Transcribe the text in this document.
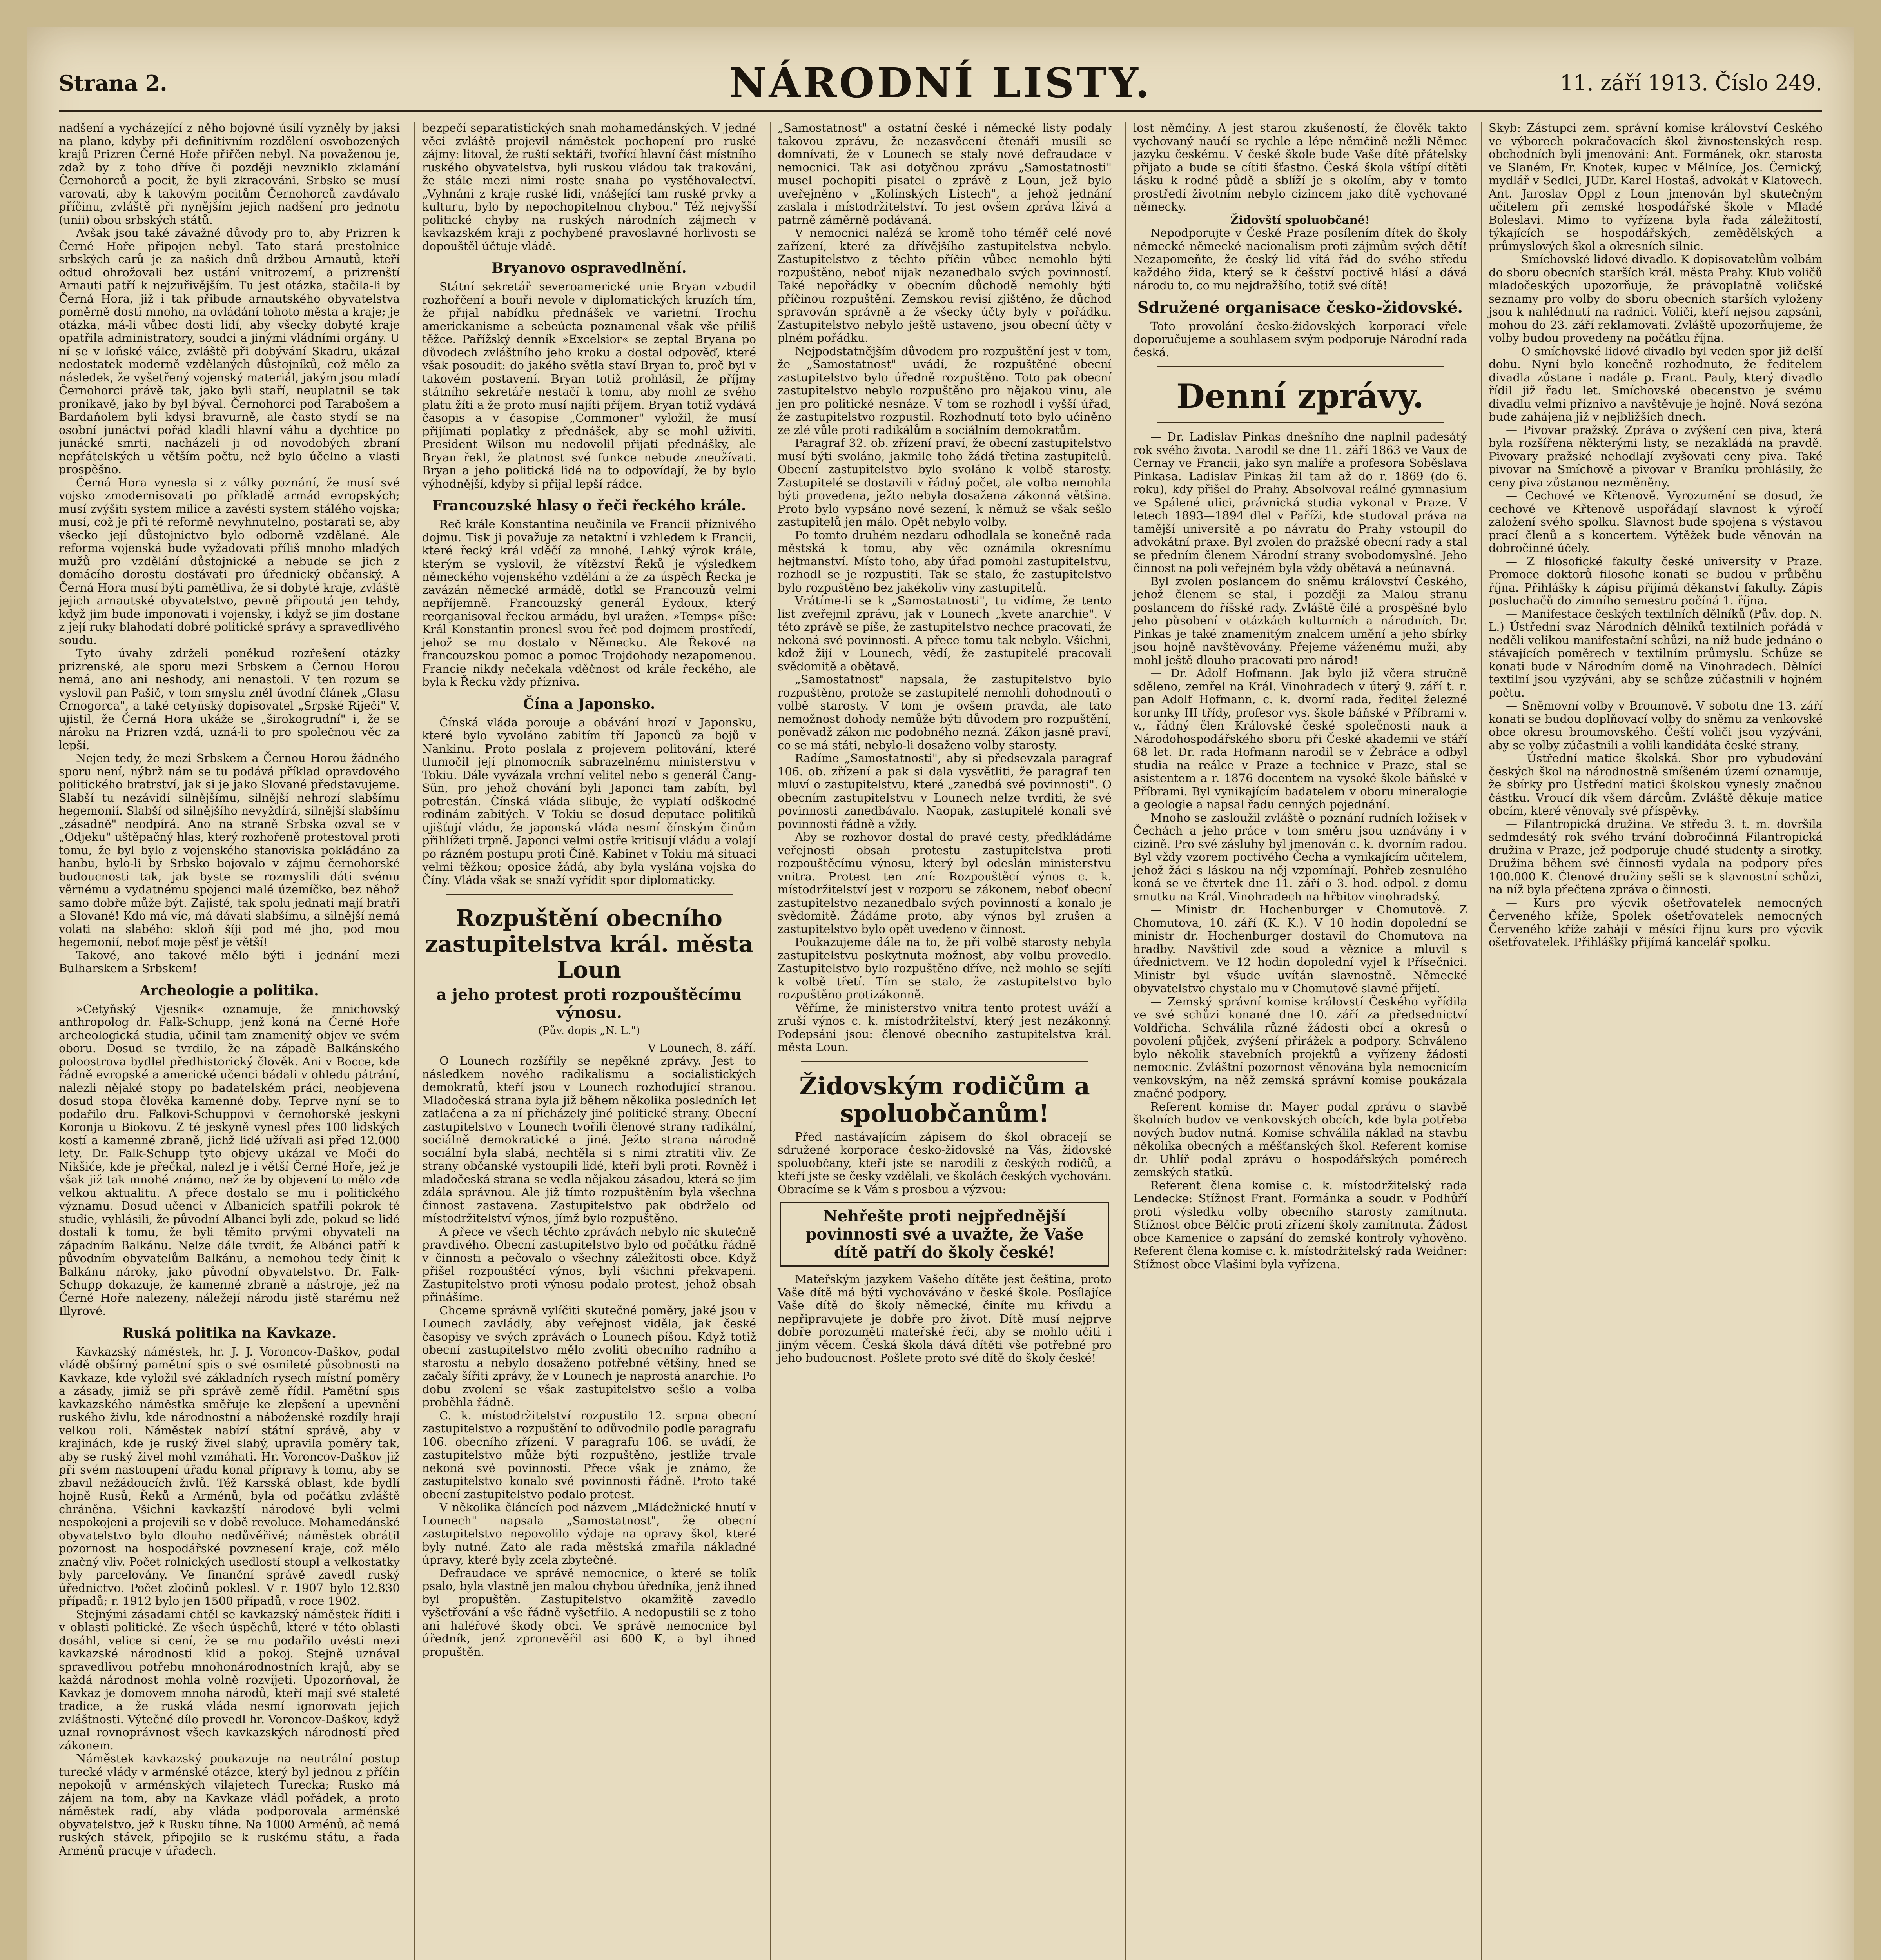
Strana 2.	NÁRODNÍ LISTY.	11. září 1913. Číslo 249.

nadšení a vycházející z něho bojovné úsilí vyzněly by jaksi na plano, kdyby při definitivním rozdělení osvobozených krajů Prizren Černé Hoře přiřčen nebyl. Na považenou je, zdaž by z toho dříve či později nevzniklo zklamání Černohorců a pocit, že byli zkracováni. Srbsko se musí varovati, aby k takovým pocitům Černohorců zavdávalo příčinu, zvláště při nynějším jejich nadšení pro jednotu (unii) obou srbských států.

Avšak jsou také závažné důvody pro to, aby Prizren k Černé Hoře připojen nebyl. Tato stará prestolnice srbských carů je za našich dnů držbou Arnautů, kteří odtud ohrožovali bez ustání vnitrozemí, a prizrenští Arnauti patří k nejzuřivějším. Tu jest otázka, stačila-li by Černá Hora, již i tak přibude arnautského obyvatelstva poměrně dosti mnoho, na ovládání tohoto města a kraje; je otázka, má-li vůbec dosti lidí, aby všecky dobyté kraje opatřila administratory, soudci a jinými vládními orgány. U ní se v loňské válce, zvláště při dobývání Skadru, ukázal nedostatek moderně vzdělaných důstojníků, což mělo za následek, že vyšetřený vojenský materiál, jakým jsou mladí Černohorci právě tak, jako byli staří, neuplatnil se tak pronikavě, jako by byl býval. Černohorci pod Tarabošem a Bardaňolem byli kdysi bravurně, ale často stydí se na osobní junáctví pořád kladli hlavní váhu a dychtice po junácké smrti, nacházeli ji od novodobých zbraní nepřátelských u větším počtu, než bylo účelno a vlasti prospěšno.

Černá Hora vynesla si z války poznání, že musí své vojsko zmodernisovati po příkladě armád evropských; musí zvýšiti system milice a zavésti system stálého vojska; musí, což je při té reformě nevyhnutelno, postarati se, aby všecko její důstojnictvo bylo odborně vzdělané. Ale reforma vojenská bude vyžadovati příliš mnoho mladých mužů pro vzdělání důstojnické a nebude se jich z domácího dorostu dostávati pro úřednický občanský. A Černá Hora musí býti pamětliva, že si dobyté kraje, zvláště jejich arnautské obyvatelstvo, pevně připoutá jen tehdy, když jim bude imponovati i vojensky, i když se jim dostane z její ruky blahodatí dobré politické správy a spravedlivého soudu.

Tyto úvahy zdrželi poněkud rozřešení otázky prizrenské, ale sporu mezi Srbskem a Černou Horou nemá, ano ani neshody, ani nenastoli. V ten rozum se vyslovil pan Pašič, v tom smyslu zněl úvodní článek „Glasu Crnogorca", a také cetyňský dopisovatel „Srpské Riječi" V. ujistil, že Černá Hora ukáže se „širokogrudní" i, že se nároku na Prizren vzdá, uzná-li to pro společnou věc za lepší.

Nejen tedy, že mezi Srbskem a Černou Horou žádného sporu není, nýbrž nám se tu podává příklad opravdového politického bratrství, jak si je jako Slované představujeme. Slabší tu nezávidí silnějšímu, silnější nehrozí slabšímu hegemonií. Slabší od silnějšího nevyždírá, silnější slabšímu „zásadně" neodpírá. Ano na straně Srbska ozval se v „Odjeku" uštěpačný hlas, který rozhořeně protestoval proti tomu, že byl bylo z vojenského stanoviska pokládáno za hanbu, bylo-li by Srbsko bojovalo v zájmu černohorské budoucnosti tak, jak byste se rozmyslili dáti svému věrnému a vydatnému spojenci malé územíčko, bez něhož samo dobře může být. Zajisté, tak spolu jednati mají bratři a Slované! Kdo má víc, má dávati slabšímu, a silnější nemá volati na slabého: skloň šíji pod mé jho, pod mou hegemonií, neboť moje pěsť je větší!

Takové, ano takové mělo býti i jednání mezi Bulharskem a Srbskem!

Archeologie a politika.

»Cetyňský Vjesnik« oznamuje, že mnichovský anthropolog dr. Falk-Schupp, jenž koná na Černé Hoře archeologická studia, učinil tam znamenitý objev ve svém oboru. Dosud se tvrdilo, že na západě Balkánského poloostrova bydlel předhistorický člověk. Ani v Bocce, kde řádně evropské a americké učenci bádali v ohledu pátrání, nalezli nějaké stopy po badatelském práci, neobjevena dosud stopa člověka kamenné doby. Teprve nyní se to podařilo dru. Falkovi-Schuppovi v černohorské jeskyni Koronja u Biokovu. Z té jeskyně vynesl přes 100 lidských kostí a kamenné zbraně, jichž lidé užívali asi před 12.000 lety. Dr. Falk-Schupp tyto objevy ukázal ve Moči do Nikšiće, kde je přečkal, nalezl je i větší Černé Hoře, jež je však již tak mnohé známo, než že by objevení to mělo zde velkou aktualitu. A přece dostalo se mu i politického významu. Dosud učenci v Albanicích spatřili pokrok té studie, vyhlásili, že původní Albanci byli zde, pokud se lidé dostali k tomu, že byli těmito prvými obyvateli na západním Balkánu. Nelze dále tvrdit, že Albánci patří k původním obyvatelům Balkánu, a nemohou tedy činit k Balkánu nároky, jako původní obyvatelstvo. Dr. Falk-Schupp dokazuje, že kamenné zbraně a nástroje, jež na Černé Hoře nalezeny, náležejí národu jistě starému než Illyrové.

Ruská politika na Kavkaze.

Kavkazský náměstek, hr. J. J. Voroncov-Daškov, podal vládě obšírný pamětní spis o své osmileté působnosti na Kavkaze, kde vyložil své základních rysech místní poměry a zásady, jimiž se při správě země řídil. Pamětní spis kavkazského náměstka směřuje ke zlepšení a upevnění ruského živlu, kde národnostní a náboženské rozdíly hrají velkou roli. Náměstek nabízí státní správě, aby v krajinách, kde je ruský živel slabý, upravila poměry tak, aby se ruský živel mohl vzmáhati. Hr. Voroncov-Daškov již při svém nastoupení úřadu konal přípravy k tomu, aby se zbavil nežádoucích živlů. Též Karsská oblast, kde bydlí hojně Rusů, Řeků a Arménů, byla od počátku zvláště chráněna. Všichni kavkazští národové byli velmi nespokojeni a projevili se v době revoluce. Mohamedánské obyvatelstvo bylo dlouho nedůvěřivé; náměstek obrátil pozornost na hospodářské povznesení kraje, což mělo značný vliv. Počet rolnických usedlostí stoupl a velkostatky byly parcelovány. Ve finanční správě zavedl ruský úřednictvo. Počet zločinů poklesl. V r. 1907 bylo 12.830 případů; r. 1912 bylo jen 1500 případů, v roce 1902.

Stejnými zásadami chtěl se kavkazský náměstek říditi i v oblasti politické. Ze všech úspěchů, které v této oblasti dosáhl, velice si cení, že se mu podařilo uvésti mezi kavkazské národnosti klid a pokoj. Stejně uznával spravedlivou potřebu mnohonárodnostních krajů, aby se každá národnost mohla volně rozvíjeti. Upozorňoval, že Kavkaz je domovem mnoha národů, kteří mají své staleté tradice, a že ruská vláda nesmí ignorovati jejich zvláštnosti. Výtečné dílo provedl hr. Voroncov-Daškov, když uznal rovnoprávnost všech kavkazských národností před zákonem.

Náměstek kavkazský poukazuje na neutrální postup turecké vlády v arménské otázce, který byl jednou z příčin nepokojů v arménských vilajetech Turecka; Rusko má zájem na tom, aby na Kavkaze vládl pořádek, a proto náměstek radí, aby vláda podporovala arménské obyvatelstvo, jež k Rusku tíhne. Na 1000 Arménů, ač nemá ruských stávek, připojilo se k ruskému státu, a řada Arménů pracuje v úřadech.

bezpečí separatistických snah mohamedánských. V jedné věci zvláště projevil náměstek pochopení pro ruské zájmy: litoval, že ruští sektáři, tvořící hlavní část místního ruského obyvatelstva, byli ruskou vládou tak trakováni, že stále mezi nimi roste snaha po vystěhovalectví. „Vyhnáni z kraje ruské lidi, vnášející tam ruské prvky a kulturu, bylo by nepochopitelnou chybou." Též nejvyšší politické chyby na ruských národních zájmech v kavkazském kraji z pochybené pravoslavné horlivosti se dopouštěl účtuje vládě.

Bryanovo ospravedlnění.

Státní sekretář severoamerické unie Bryan vzbudil rozhořčení a bouři nevole v diplomatických kruzích tím, že přijal nabídku přednášek ve varietní. Trochu americkanisme a sebeúcta poznamenal však vše příliš těžce. Pařížský denník »Excelsior« se zeptal Bryana po důvodech zvláštního jeho kroku a dostal odpověď, které však posoudit: do jakého světla staví Bryan to, proč byl v takovém postavení. Bryan totiž prohlásil, že příjmy státního sekretáře nestačí k tomu, aby mohl ze svého platu žíti a že proto musí najíti příjem. Bryan totiž vydává časopis a v časopise „Commoner" vyložil, že musí přijímati poplatky z přednášek, aby se mohl uživiti. President Wilson mu nedovolil přijati přednášky, ale Bryan řekl, že platnost své funkce nebude zneužívati. Bryan a jeho politická lidé na to odpovídají, že by bylo výhodnější, kdyby si přijal lepší rádce.

Francouzské hlasy o řeči řeckého krále.

Reč krále Konstantina neučinila ve Francii příznivého dojmu. Tisk ji považuje za netaktní i vzhledem k Francii, které řecký král vděčí za mnohé. Lehký výrok krále, kterým se vyslovil, že vítězství Řeků je výsledkem německého vojenského vzdělání a že za úspěch Řecka je zavázán německé armádě, dotkl se Francouzů velmi nepříjemně. Francouzský generál Eydoux, který reorganisoval řeckou armádu, byl uražen. »Temps« píše: Král Konstantin pronesl svou řeč pod dojmem prostředí, jehož se mu dostalo v Německu. Ale Řekové na francouzskou pomoc a pomoc Trojdohody nezapomenou. Francie nikdy nečekala vděčnost od krále řeckého, ale byla k Řecku vždy přízniva.

Čína a Japonsko.

Čínská vláda porouje a obávání hrozí v Japonsku, které bylo vyvoláno zabitím tří Japonců za bojů v Nankinu. Proto poslala z projevem politování, které tlumočil její plnomocník sabrazelnému ministerstvu v Tokiu. Dále vyvázala vrchní velitel nebo s generál Čang-Sün, pro jehož chování byli Japonci tam zabíti, byl potrestán. Čínská vláda slibuje, že vyplatí odškodné rodinám zabitých. V Tokiu se dosud deputace politiků ujišťují vládu, že japonská vláda nesmí čínským činům přihlížeti trpně. Japonci velmi ostře kritisují vládu a volají po rázném postupu proti Číně. Kabinet v Tokiu má situaci velmi těžkou; oposice žádá, aby byla vyslána vojska do Číny. Vláda však se snaží vyřídit spor diplomaticky.

Rozpuštění obecního zastupitelstva král. města Loun
a jeho protest proti rozpouštěcímu výnosu.
(Pův. dopis „N. L.")

V Lounech, 8. září.

O Lounech rozšířily se nepěkné zprávy. Jest to následkem nového radikalismu a socialistických demokratů, kteří jsou v Lounech rozhodující stranou. Mladočeská strana byla již během několika posledních let zatlačena a za ní přicházely jiné politické strany. Obecní zastupitelstvo v Lounech tvořili členové strany radikální, sociálně demokratické a jiné. Ježto strana národně sociální byla slabá, nechtěla si s nimi ztratiti vliv. Ze strany občanské vystoupili lidé, kteří byli proti. Rovněž i mladočeská strana se vedla nějakou zásadou, která se jim zdála správnou. Ale již tímto rozpuštěním byla všechna činnost zastavena. Zastupitelstvo pak obdrželo od místodržitelství výnos, jímž bylo rozpuštěno.

A přece ve všech těchto zprávách nebylo nic skutečně pravdivého. Obecní zastupitelstvo bylo od počátku řádně v činnosti a pečovalo o všechny záležitosti obce. Když přišel rozpouštěcí výnos, byli všichni překvapeni. Zastupitelstvo proti výnosu podalo protest, jehož obsah přinášíme.

Chceme správně vylíčiti skutečné poměry, jaké jsou v Lounech zavládly, aby veřejnost viděla, jak české časopisy ve svých zprávách o Lounech píšou. Když totiž obecní zastupitelstvo mělo zvoliti obecního radního a starostu a nebylo dosaženo potřebné většiny, hned se začaly šířiti zprávy, že v Lounech je naprostá anarchie. Po dobu zvolení se však zastupitelstvo sešlo a volba proběhla řádně.

C. k. místodržitelství rozpustilo 12. srpna obecní zastupitelstvo a rozpuštění to odůvodnilo podle paragrafu 106. obecního zřízení. V paragrafu 106. se uvádí, že zastupitelstvo může býti rozpuštěno, jestliže trvale nekoná své povinnosti. Přece však je známo, že zastupitelstvo konalo své povinnosti řádně. Proto také obecní zastupitelstvo podalo protest.

V několika článcích pod názvem „Mládežnické hnutí v Lounech" napsala „Samostatnost", že obecní zastupitelstvo nepovolilo výdaje na opravy škol, které byly nutné. Zato ale rada městská zmařila nákladné úpravy, které byly zcela zbytečné.

Defraudace ve správě nemocnice, o které se tolik psalo, byla vlastně jen malou chybou úředníka, jenž ihned byl propuštěn. Zastupitelstvo okamžitě zavedlo vyšetřování a vše řádně vyšetřilo. A nedopustili se z toho ani haléřové škody obci. Ve správě nemocnice byl úředník, jenž zpronevěřil asi 600 K, a byl ihned propuštěn.

„Samostatnost" a ostatní české i německé listy podaly takovou zprávu, že nezasvěcení čtenáři musili se domnívati, že v Lounech se staly nové defraudace v nemocnici. Tak asi dotyčnou zprávu „Samostatnosti" musel pochopiti pisatel o zprávě z Loun, jež bylo uveřejněno v „Kolínských Listech", a jehož jednání zaslala i místodržitelství. To jest ovšem zpráva lživá a patrně záměrně podávaná.

V nemocnici nalézá se kromě toho téměř celé nové zařízení, které za dřívějšího zastupitelstva nebylo. Zastupitelstvo z těchto příčin vůbec nemohlo býti rozpuštěno, neboť nijak nezanedbalo svých povinností. Také nepořádky v obecním důchodě nemohly býti příčinou rozpuštění. Zemskou revisí zjištěno, že důchod spravován správně a že všecky účty byly v pořádku. Zastupitelstvo nebylo ještě ustaveno, jsou obecní účty v plném pořádku.

Nejpodstatnějším důvodem pro rozpuštění jest v tom, že „Samostatnost" uvádí, že rozpuštěné obecní zastupitelstvo bylo úředně rozpuštěno. Toto pak obecní zastupitelstvo nebylo rozpuštěno pro nějakou vinu, ale jen pro politické nesnáze. V tom se rozhodl i vyšší úřad, že zastupitelstvo rozpustil. Rozhodnutí toto bylo učiněno ze zlé vůle proti radikálům a sociálním demokratům.

Paragraf 32. ob. zřízení praví, že obecní zastupitelstvo musí býti svoláno, jakmile toho žádá třetina zastupitelů. Obecní zastupitelstvo bylo svoláno k volbě starosty. Zastupitelé se dostavili v řádný počet, ale volba nemohla býti provedena, ježto nebyla dosažena zákonná většina. Proto bylo vypsáno nové sezení, k němuž se však sešlo zastupitelů jen málo. Opět nebylo volby.

Po tomto druhém nezdaru odhodlala se konečně rada městská k tomu, aby věc oznámila okresnímu hejtmanství. Místo toho, aby úřad pomohl zastupitelstvu, rozhodl se je rozpustiti. Tak se stalo, že zastupitelstvo bylo rozpuštěno bez jakékoliv viny zastupitelů.

Vrátíme-li se k „Samostatnosti", tu vidíme, že tento list zveřejnil zprávu, jak v Lounech „kvete anarchie". V této zprávě se píše, že zastupitelstvo nechce pracovati, že nekoná své povinnosti. A přece tomu tak nebylo. Všichni, kdož žijí v Lounech, vědí, že zastupitelé pracovali svědomitě a obětavě.

„Samostatnost" napsala, že zastupitelstvo bylo rozpuštěno, protože se zastupitelé nemohli dohodnouti o volbě starosty. V tom je ovšem pravda, ale tato nemožnost dohody nemůže býti důvodem pro rozpuštění, poněvadž zákon nic podobného nezná. Zákon jasně praví, co se má státi, nebylo-li dosaženo volby starosty.

Radíme „Samostatnosti", aby si předsevzala paragraf 106. ob. zřízení a pak si dala vysvětliti, že paragraf ten mluví o zastupitelstvu, které „zanedbá své povinnosti". O obecním zastupitelstvu v Lounech nelze tvrditi, že své povinnosti zanedbávalo. Naopak, zastupitelé konali své povinnosti řádně a vždy.

Aby se rozhovor dostal do pravé cesty, předkládáme veřejnosti obsah protestu zastupitelstva proti rozpouštěcímu výnosu, který byl odeslán ministerstvu vnitra. Protest ten zní: Rozpouštěcí výnos c. k. místodržitelství jest v rozporu se zákonem, neboť obecní zastupitelstvo nezanedbalo svých povinností a konalo je svědomitě. Žádáme proto, aby výnos byl zrušen a zastupitelstvo bylo opět uvedeno v činnost.

Poukazujeme dále na to, že při volbě starosty nebyla zastupitelstvu poskytnuta možnost, aby volbu provedlo. Zastupitelstvo bylo rozpuštěno dříve, než mohlo se sejíti k volbě třetí. Tím se stalo, že zastupitelstvo bylo rozpuštěno protizákonně.

Věříme, že ministerstvo vnitra tento protest uváží a zruší výnos c. k. místodržitelství, který jest nezákonný. Podepsáni jsou: členové obecního zastupitelstva král. města Loun.

Židovským rodičům a spoluobčanům!

Před nastávajícím zápisem do škol obracejí se sdružené korporace česko-židovské na Vás, židovské spoluobčany, kteří jste se narodili z českých rodičů, a kteří jste se česky vzdělali, ve školách českých vychováni. Obracíme se k Vám s prosbou a výzvou:

Nehřešte proti nejpřednější povinnosti své a uvažte, že Vaše dítě patří do školy české!

Mateřským jazykem Vašeho dítěte jest čeština, proto Vaše dítě má býti vychováváno v české škole. Posílajíce Vaše dítě do školy německé, činíte mu křivdu a nepřipravujete je dobře pro život. Dítě musí nejprve dobře porozuměti mateřské řeči, aby se mohlo učiti i jiným věcem. Česká škola dává dítěti vše potřebné pro jeho budoucnost. Pošlete proto své dítě do školy české!

lost němčiny. A jest starou zkušeností, že člověk takto vychovaný naučí se rychle a lépe němčině nežli Němec jazyku českému. V české škole bude Vaše dítě přátelsky přijato a bude se cítiti šťastno. Česká škola vštípí dítěti lásku k rodné půdě a sblíží je s okolím, aby v tomto prostředí životním nebylo cizincem jako dítě vychované německy.

Židovští spoluobčané!

Nepodporujte v České Praze posílením dítek do školy německé německé nacionalism proti zájmům svých dětí! Nezapomeňte, že český lid vítá řád do svého středu každého žida, který se k češství poctivě hlásí a dává národu to, co mu nejdražšího, totiž své dítě!

Sdružené organisace česko-židovské.

Toto provolání česko-židovských korporací vřele doporučujeme a souhlasem svým podporuje Národní rada česká.

Denní zprávy.

— Dr. Ladislav Pinkas dnešního dne naplnil padesátý rok svého života. Narodil se dne 11. září 1863 ve Vaux de Cernay ve Francii, jako syn malíře a profesora Soběslava Pinkasa. Ladislav Pinkas žil tam až do r. 1869 (do 6. roku), kdy přišel do Prahy. Absolvoval reálné gymnasium ve Spálené ulici, právnická studia vykonal v Praze. V letech 1893—1894 dlel v Paříži, kde studoval práva na tamější universitě a po návratu do Prahy vstoupil do advokátní praxe. Byl zvolen do pražské obecní rady a stal se předním členem Národní strany svobodomyslné. Jeho činnost na poli veřejném byla vždy obětavá a neúnavná.

Byl zvolen poslancem do sněmu království Českého, jehož členem se stal, i později za Malou stranu poslancem do říšské rady. Zvláště čilé a prospěšné bylo jeho působení v otázkách kulturních a národních. Dr. Pinkas je také znamenitým znalcem umění a jeho sbírky jsou hojně navštěvovány. Přejeme váženému muži, aby mohl ještě dlouho pracovati pro národ!

— Dr. Adolf Hofmann. Jak bylo již včera stručně sděleno, zemřel na Král. Vinohradech v úterý 9. září t. r. pan Adolf Hofmann, c. k. dvorní rada, ředitel železné korunky III třídy, profesor vys. škole báňské v Příbrami v. v., řádný člen Královské české společnosti nauk a Národohospodářského sboru při České akademii ve stáří 68 let. Dr. rada Hofmann narodil se v Žebráce a odbyl studia na reálce v Praze a technice v Praze, stal se asistentem a r. 1876 docentem na vysoké škole báňské v Příbrami. Byl vynikajícím badatelem v oboru mineralogie a geologie a napsal řadu cenných pojednání.

Mnoho se zasloužil zvláště o poznání rudních ložisek v Čechách a jeho práce v tom směru jsou uznávány i v cizině. Pro své zásluhy byl jmenován c. k. dvorním radou. Byl vždy vzorem poctivého Čecha a vynikajícím učitelem, jehož žáci s láskou na něj vzpomínají. Pohřeb zesnulého koná se ve čtvrtek dne 11. září o 3. hod. odpol. z domu smutku na Král. Vinohradech na hřbitov vinohradský.

— Ministr dr. Hochenburger v Chomutově. Z Chomutova, 10. září (K. K.). V 10 hodin dopolední se ministr dr. Hochenburger dostavil do Chomutova na hradby. Navštívil zde soud a věznice a mluvil s úřednictvem. Ve 12 hodin dopolední vyjel k Přísečnici. Ministr byl všude uvítán slavnostně. Německé obyvatelstvo chystalo mu v Chomutově slavné přijetí.

— Zemský správní komise královstí Českého vyřídila ve své schůzi konané dne 10. září za předsednictví Voldřicha. Schválila různé žádosti obcí a okresů o povolení půjček, zvýšení přirážek a podpory. Schváleno bylo několik stavebních projektů a vyřízeny žádosti nemocnic. Zvláštní pozornost věnována byla nemocnicím venkovským, na něž zemská správní komise poukázala značné podpory.

Referent komise dr. Mayer podal zprávu o stavbě školních budov ve venkovských obcích, kde byla potřeba nových budov nutná. Komise schválila náklad na stavbu několika obecných a měšťanských škol. Referent komise dr. Uhlíř podal zprávu o hospodářských poměrech zemských statků.

Referent člena komise c. k. místodržitelský rada Lendecke: Stížnost Frant. Formánka a soudr. v Podhůří proti výsledku volby obecního starosty zamítnuta. Stížnost obce Bělčic proti zřízení školy zamítnuta. Žádost obce Kamenice o zapsání do zemské kontroly vyhověno. Referent člena komise c. k. místodržitelský rada Weidner: Stížnost obce Vlašimi byla vyřízena.

Skyb: Zástupci zem. správní komise království Českého ve výborech pokračovacích škol živnostenských resp. obchodních byli jmenováni: Ant. Formánek, okr. starosta ve Slaném, Fr. Knotek, kupec v Mělníce, Jos. Černický, mydlář v Sedlci, JUDr. Karel Hostaš, advokát v Klatovech. Ant. Jaroslav Oppl z Loun jmenován byl skutečným učitelem při zemské hospodářské škole v Mladé Boleslavi. Mimo to vyřízena byla řada záležitostí, týkajících se hospodářských, zemědělských a průmyslových škol a okresních silnic.

— Smíchovské lidové divadlo. K dopisovatelům volbám do sboru obecních starších král. města Prahy. Klub voličů mladočeských upozorňuje, že právoplatně voličské seznamy pro volby do sboru obecních starších vyloženy jsou k nahlédnutí na radnici. Voliči, kteří nejsou zapsáni, mohou do 23. září reklamovati. Zvláště upozorňujeme, že volby budou provedeny na počátku října.

— O smíchovské lidové divadlo byl veden spor již delší dobu. Nyní bylo konečně rozhodnuto, že ředitelem divadla zůstane i nadále p. Frant. Pauly, který divadlo řídil již řadu let. Smíchovské obecenstvo je svému divadlu velmi příznivo a navštěvuje je hojně. Nová sezóna bude zahájena již v nejbližších dnech.

— Pivovar pražský. Zpráva o zvýšení cen piva, která byla rozšířena některými listy, se nezakládá na pravdě. Pivovary pražské nehodlají zvyšovati ceny piva. Také pivovar na Smíchově a pivovar v Braníku prohlásily, že ceny piva zůstanou nezměněny.

— Cechové ve Křtenově. Vyrozumění se dosud, že cechové ve Křtenově uspořádají slavnost k výročí založení svého spolku. Slavnost bude spojena s výstavou prací členů a s koncertem. Výtěžek bude věnován na dobročinné účely.

— Z filosofické fakulty české university v Praze. Promoce doktorů filosofie konati se budou v průběhu října. Přihlášky k zápisu přijímá děkanství fakulty. Zápis posluchačů do zimního semestru počíná 1. října.

— Manifestace českých textilních dělníků (Pův. dop. N. L.) Ústřední svaz Národních dělníků textilních pořádá v neděli velikou manifestační schůzi, na níž bude jednáno o stávajících poměrech v textilním průmyslu. Schůze se konati bude v Národním domě na Vinohradech. Dělníci textilní jsou vyzýváni, aby se schůze zúčastnili v hojném počtu.

— Sněmovní volby v Broumově. V sobotu dne 13. září konati se budou doplňovací volby do sněmu za venkovské obce okresu broumovského. Čeští voliči jsou vyzýváni, aby se volby zúčastnili a volili kandidáta české strany.

— Ústřední matice školská. Sbor pro vybudování českých škol na národnostně smíšeném území oznamuje, že sbírky pro Ústřední matici školskou vynesly značnou částku. Vroucí dík všem dárcům. Zvláště děkuje matice obcím, které věnovaly své příspěvky.

— Filantropická družina. Ve středu 3. t. m. dovršila sedmdesátý rok svého trvání dobročinná Filantropická družina v Praze, jež podporuje chudé studenty a sirotky. Družina během své činnosti vydala na podpory přes 100.000 K. Členové družiny sešli se k slavnostní schůzi, na níž byla přečtena zpráva o činnosti.

— Kurs pro výcvik ošetřovatelek nemocných Červeného kříže, Spolek ošetřovatelek nemocných Červeného kříže zahájí v měsíci říjnu kurs pro výcvik ošetřovatelek. Přihlášky přijímá kancelář spolku.
